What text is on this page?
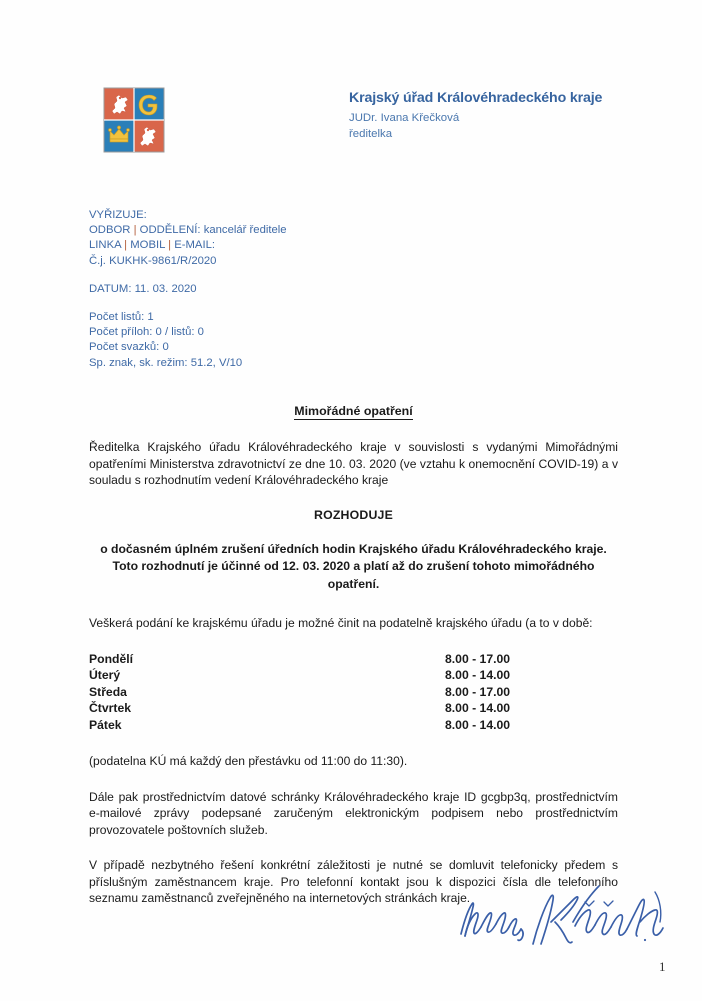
Krajský úřad Královéhradeckého kraje
JUDr. Ivana Křečková
ředitelka
VYŘIZUJE:
ODBOR | ODDĚLENÍ: kancelář ředitele
LINKA | MOBIL | E-MAIL:
Č.j. KUKHK-9861/R/2020
DATUM: 11. 03. 2020
Počet listů: 1
Počet příloh: 0 / listů: 0
Počet svazků: 0
Sp. znak, sk. režim: 51.2, V/10
Mimořádné opatření

Ředitelka Krajského úřadu Královéhradeckého kraje v souvislosti s vydanými Mimořádnými opatřeními Ministerstva zdravotnictví ze dne 10. 03. 2020 (ve vztahu k onemocnění COVID-19) a v souladu s rozhodnutím vedení Královéhradeckého kraje

ROZHODUJE
o dočasném úplném zrušení úředních hodin Krajského úřadu Královéhradeckého kraje. Toto rozhodnutí je účinné od 12. 03. 2020 a platí až do zrušení tohoto mimořádného opatření.

Veškerá podání ke krajskému úřadu je možné činit na podatelně krajského úřadu (a to v době:

Pondělí	8.00 - 17.00
Úterý	8.00 - 14.00
Středa	8.00 - 17.00
Čtvrtek	8.00 - 14.00
Pátek	8.00 - 14.00

(podatelna KÚ má každý den přestávku od 11:00 do 11:30).

Dále pak prostřednictvím datové schránky Královéhradeckého kraje ID gcgbp3q, prostřednictvím e-mailové zprávy podepsané zaručeným elektronickým podpisem nebo prostřednictvím provozovatele poštovních služeb.

V případě nezbytného řešení konkrétní záležitosti je nutné se domluvit telefonicky předem s příslušným zaměstnancem kraje. Pro telefonní kontakt jsou k dispozici čísla dle telefonního seznamu zaměstnanců zveřejněného na internetových stránkách kraje.

1
